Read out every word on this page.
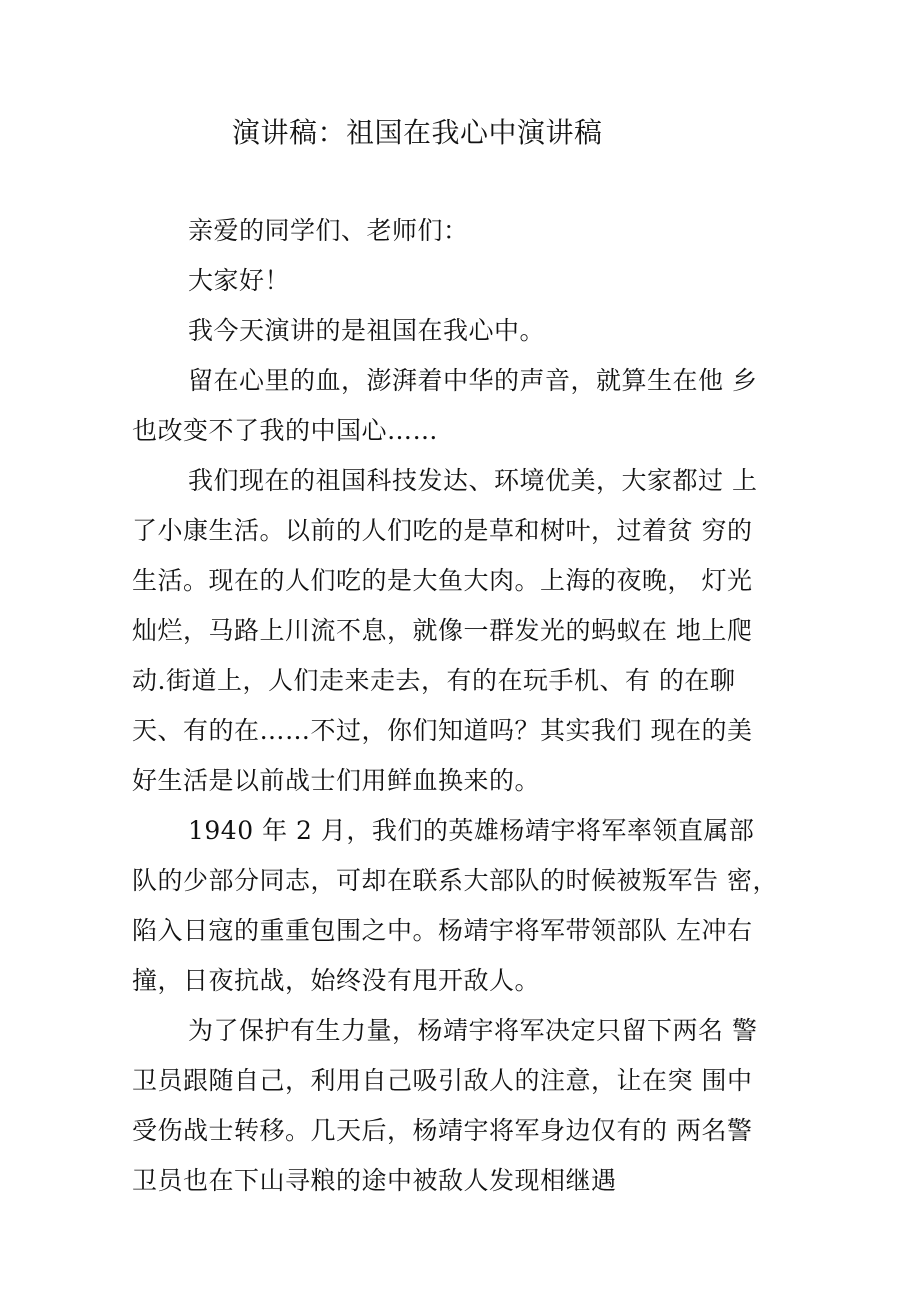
演讲稿：祖国在我心中演讲稿
亲爱的同学们、老师们：
大家好！
我今天演讲的是祖国在我心中。
留在心里的血，澎湃着中华的声音，就算生在他 乡
也改变不了我的中国心……
我们现在的祖国科技发达、环境优美，大家都过 上
了小康生活。以前的人们吃的是草和树叶，过着贫 穷的
生活。现在的人们吃的是大鱼大肉。上海的夜晚， 灯光
灿烂，马路上川流不息，就像一群发光的蚂蚁在 地上爬
动.街道上，人们走来走去，有的在玩手机、有 的在聊
天、有的在……不过，你们知道吗？其实我们 现在的美
好生活是以前战士们用鲜血换来的。
1940 年 2 月，我们的英雄杨靖宇将军率领直属部
队的少部分同志，可却在联系大部队的时候被叛军告 密，
陷入日寇的重重包围之中。杨靖宇将军带领部队 左冲右
撞，日夜抗战，始终没有甩开敌人。
为了保护有生力量，杨靖宇将军决定只留下两名 警
卫员跟随自己，利用自己吸引敌人的注意，让在突 围中
受伤战士转移。几天后，杨靖宇将军身边仅有的 两名警
卫员也在下山寻粮的途中被敌人发现相继遇
